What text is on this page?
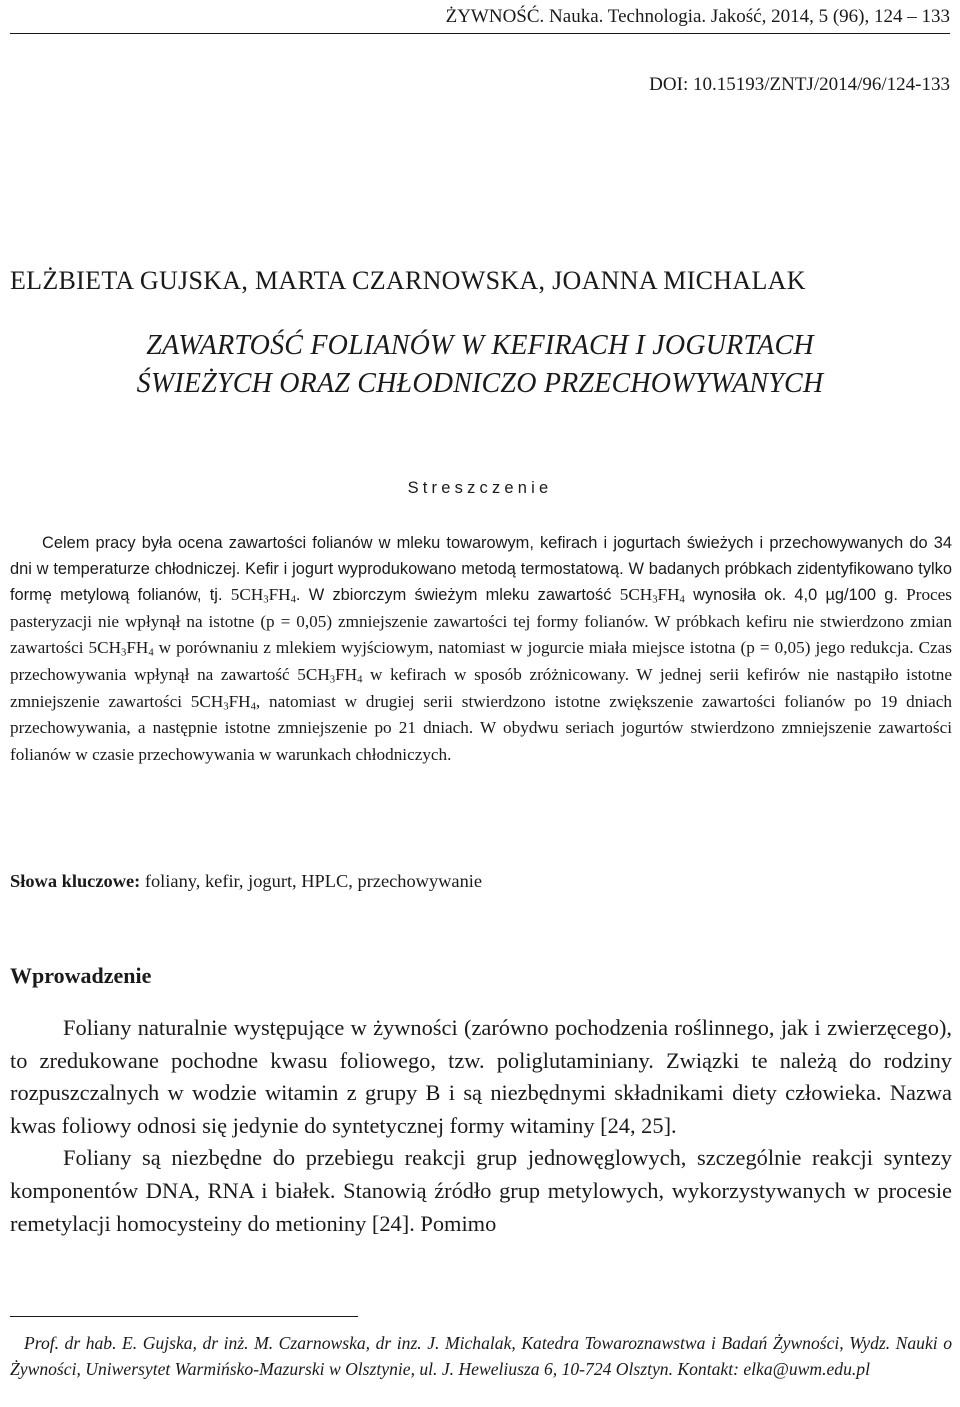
ŻYWNOŚĆ. Nauka. Technologia. Jakość, 2014, 5 (96), 124 – 133
DOI: 10.15193/ZNTJ/2014/96/124-133
ELŻBIETA GUJSKA, MARTA CZARNOWSKA, JOANNA MICHALAK
ZAWARTOŚĆ FOLIANÓW W KEFIRACH I JOGURTACH
ŚWIEŻYCH ORAZ CHŁODNICZO PRZECHOWYWANYCH
Streszczenie
Celem pracy była ocena zawartości folianów w mleku towarowym, kefirach i jogurtach świeżych i przechowywanych do 34 dni w temperaturze chłodniczej. Kefir i jogurt wyprodukowano metodą termostatową. W badanych próbkach zidentyfikowano tylko formę metylową folianów, tj. $5CH_3FH_4$. W zbiorczym świeżym mleku zawartość $5CH_3FH_4$ wynosiła ok. 4,0 µg/100 g. Proces pasteryzacji nie wpłynął na istotne (p = 0,05) zmniejszenie zawartości tej formy folianów. W próbkach kefiru nie stwierdzono zmian zawartości $5CH_3FH_4$ w porównaniu z mlekiem wyjściowym, natomiast w jogurcie miała miejsce istotna (p = 0,05) jego redukcja. Czas przechowywania wpłynął na zawartość $5CH_3FH_4$ w kefirach w sposób zróżnicowany. W jednej serii kefirów nie nastąpiło istotne zmniejszenie zawartości $5CH_3FH_4$, natomiast w drugiej serii stwierdzono istotne zwiększenie zawartości folianów po 19 dniach przechowywania, a następnie istotne zmniejszenie po 21 dniach. W obydwu seriach jogurtów stwierdzono zmniejszenie zawartości folianów w czasie przechowywania w warunkach chłodniczych.
Słowa kluczowe: foliany, kefir, jogurt, HPLC, przechowywanie
Wprowadzenie

Foliany naturalnie występujące w żywności (zarówno pochodzenia roślinnego, jak i zwierzęcego), to zredukowane pochodne kwasu foliowego, tzw. poliglutaminiany. Związki te należą do rodziny rozpuszczalnych w wodzie witamin z grupy B i są niezbędnymi składnikami diety człowieka. Nazwa kwas foliowy odnosi się jedynie do syntetycznej formy witaminy [24, 25].

Foliany są niezbędne do przebiegu reakcji grup jednowęglowych, szczególnie reakcji syntezy komponentów DNA, RNA i białek. Stanowią źródło grup metylowych, wykorzystywanych w procesie remetylacji homocysteiny do metioniny [24]. Pomimo

Prof. dr hab. E. Gujska, dr inż. M. Czarnowska, dr inz. J. Michalak, Katedra Towaroznawstwa i Badań Żywności, Wydz. Nauki o Żywności, Uniwersytet Warmińsko-Mazurski w Olsztynie, ul. J. Heweliusza 6, 10-724 Olsztyn. Kontakt: elka@uwm.edu.pl
